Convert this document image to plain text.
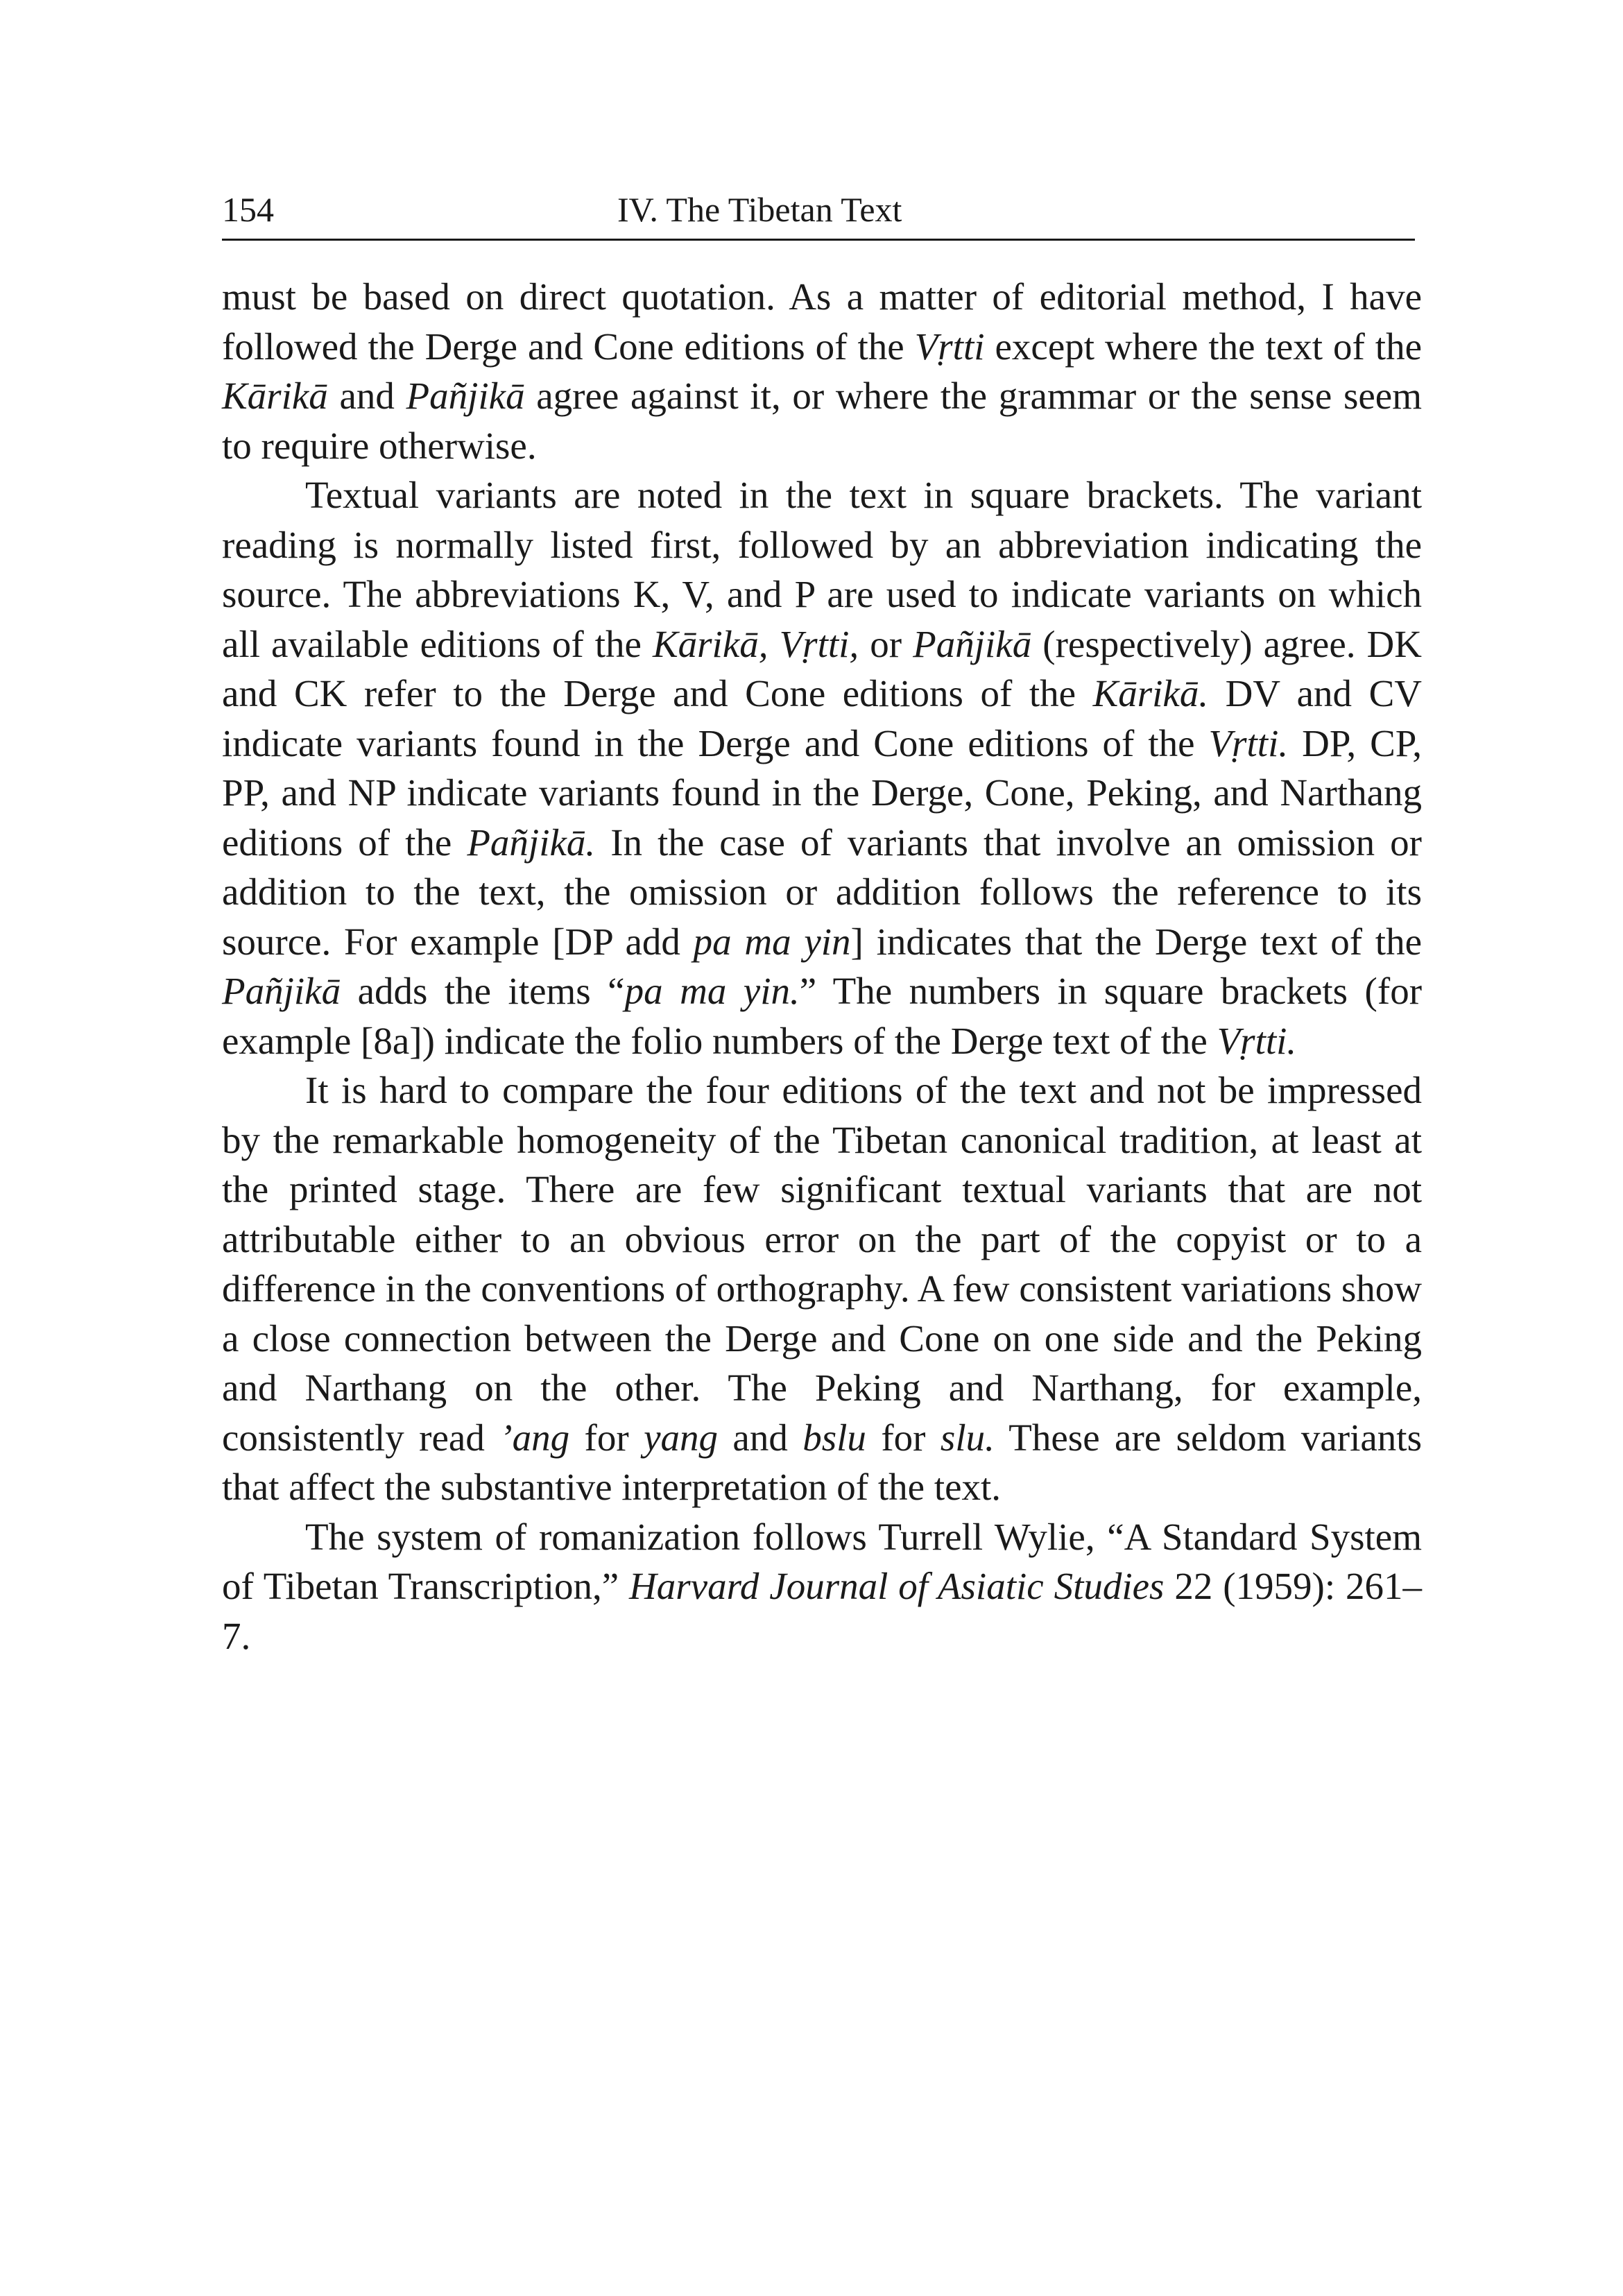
154	IV. The Tibetan Text

must be based on direct quotation. As a matter of editorial method, I have followed the Derge and Cone editions of the Vṛtti except where the text of the Kārikā and Pañjikā agree against it, or where the grammar or the sense seem to require otherwise.

Textual variants are noted in the text in square brackets. The variant reading is normally listed first, followed by an abbreviation indicating the source. The abbreviations K, V, and P are used to indicate variants on which all available editions of the Kārikā, Vṛtti, or Pañjikā (respectively) agree. DK and CK refer to the Derge and Cone editions of the Kārikā. DV and CV indicate variants found in the Derge and Cone editions of the Vṛtti. DP, CP, PP, and NP indicate variants found in the Derge, Cone, Peking, and Narthang editions of the Pañjikā. In the case of variants that involve an omission or addition to the text, the omission or addition follows the reference to its source. For example [DP add pa ma yin] indicates that the Derge text of the Pañjikā adds the items “pa ma yin.” The numbers in square brackets (for example [8a]) indicate the folio numbers of the Derge text of the Vṛtti.

It is hard to compare the four editions of the text and not be impressed by the remarkable homogeneity of the Tibetan canonical tradition, at least at the printed stage. There are few significant textual variants that are not attributable either to an obvious error on the part of the copyist or to a difference in the conventions of orthography. A few consistent variations show a close connection between the Derge and Cone on one side and the Peking and Narthang on the other. The Peking and Narthang, for example, consistently read ’ang for yang and bslu for slu. These are seldom variants that affect the substantive interpretation of the text.

The system of romanization follows Turrell Wylie, “A Standard System of Tibetan Transcription,” Harvard Journal of Asiatic Studies 22 (1959): 261–7.
